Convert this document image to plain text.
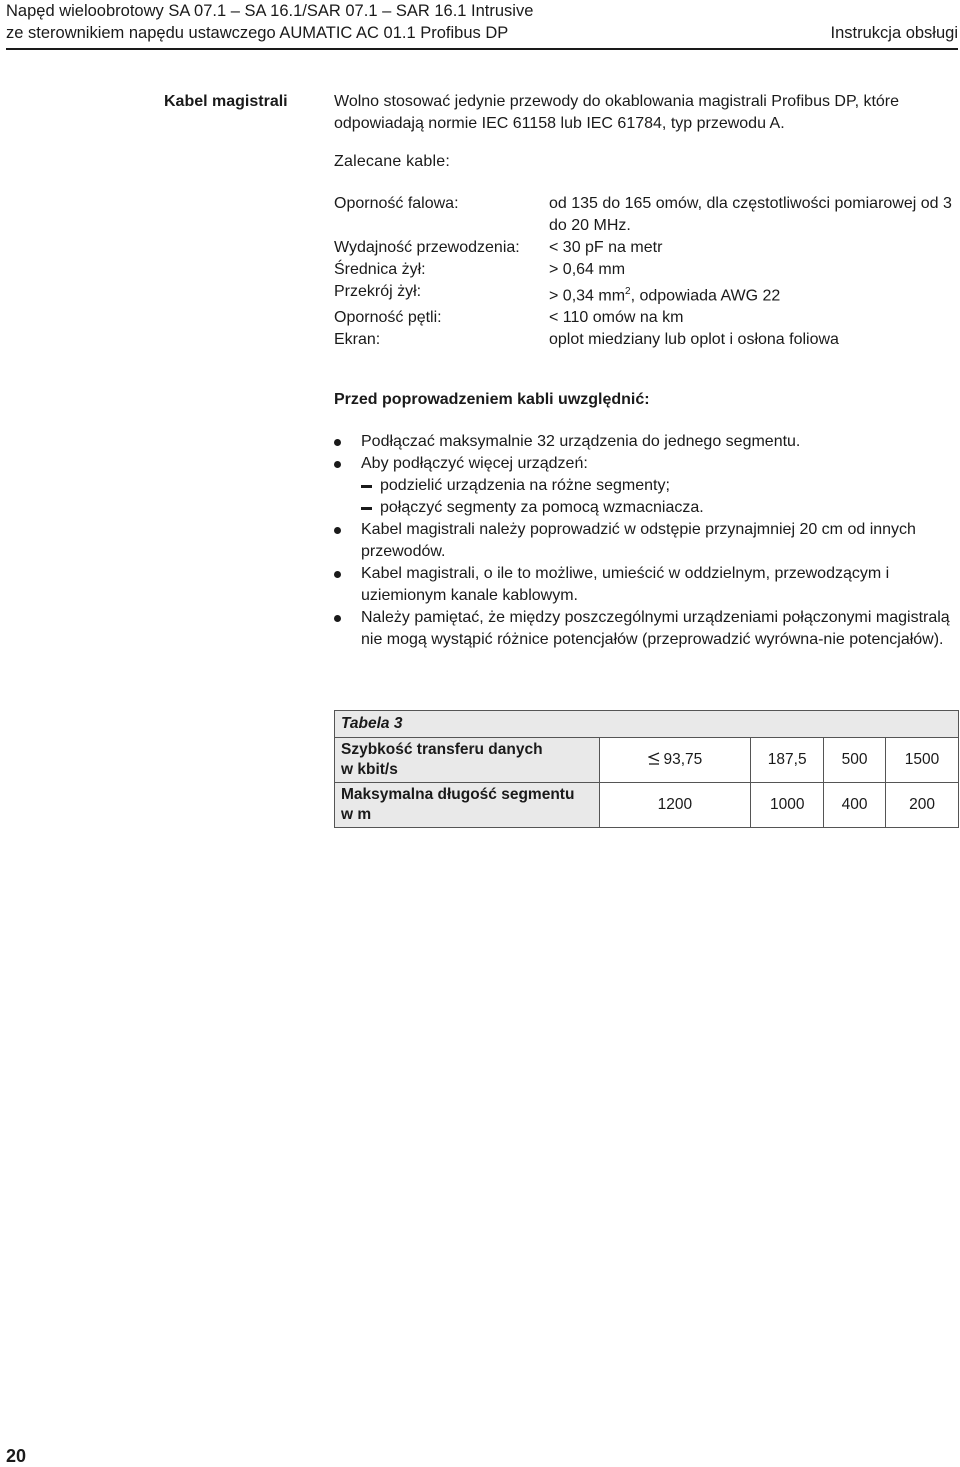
Napęd wieloobrotowy SA 07.1 – SA 16.1/SAR 07.1 – SAR 16.1 Intrusive
ze sterownikiem napędu ustawczego AUMATIC AC 01.1 Profibus DP	Instrukcja obsługi
Kabel magistrali	Wolno stosować jedynie przewody do okablowania magistrali Profibus DP, które odpowiadają normie IEC 61158 lub IEC 61784, typ przewodu A.

Zalecane kable:
Oporność falowa:	od 135 do 165 omów, dla częstotliwości pomiarowej od 3 do 20 MHz.
Wydajność przewodzenia:	< 30 pF na metr
Średnica żył:	> 0,64 mm
Przekrój żył:	> 0,34 $mm^2$, odpowiada AWG 22
Oporność pętli:	< 110 omów na km
Ekran:	oplot miedziany lub oplot i osłona foliowa
Przed poprowadzeniem kabli uwzględnić:
Podłączać maksymalnie 32 urządzenia do jednego segmentu.
Aby podłączyć więcej urządzeń:
podzielić urządzenia na różne segmenty;
połączyć segmenty za pomocą wzmacniacza.
Kabel magistrali należy poprowadzić w odstępie przynajmniej 20 cm od innych przewodów.
Kabel magistrali, o ile to możliwe, umieścić w oddzielnym, przewodzącym i uziemionym kanale kablowym.
Należy pamiętać, że między poszczególnymi urządzeniami połączonymi magistralą nie mogą wystąpić różnice potencjałów (przeprowadzić wyrówna-nie potencjałów).
Tabela 3				

Szybkość transferu danych
w kbit/s	93,75	187,5	500	1500

Maksymalna długość segmentu
w m	1200	1000	400	200
20
